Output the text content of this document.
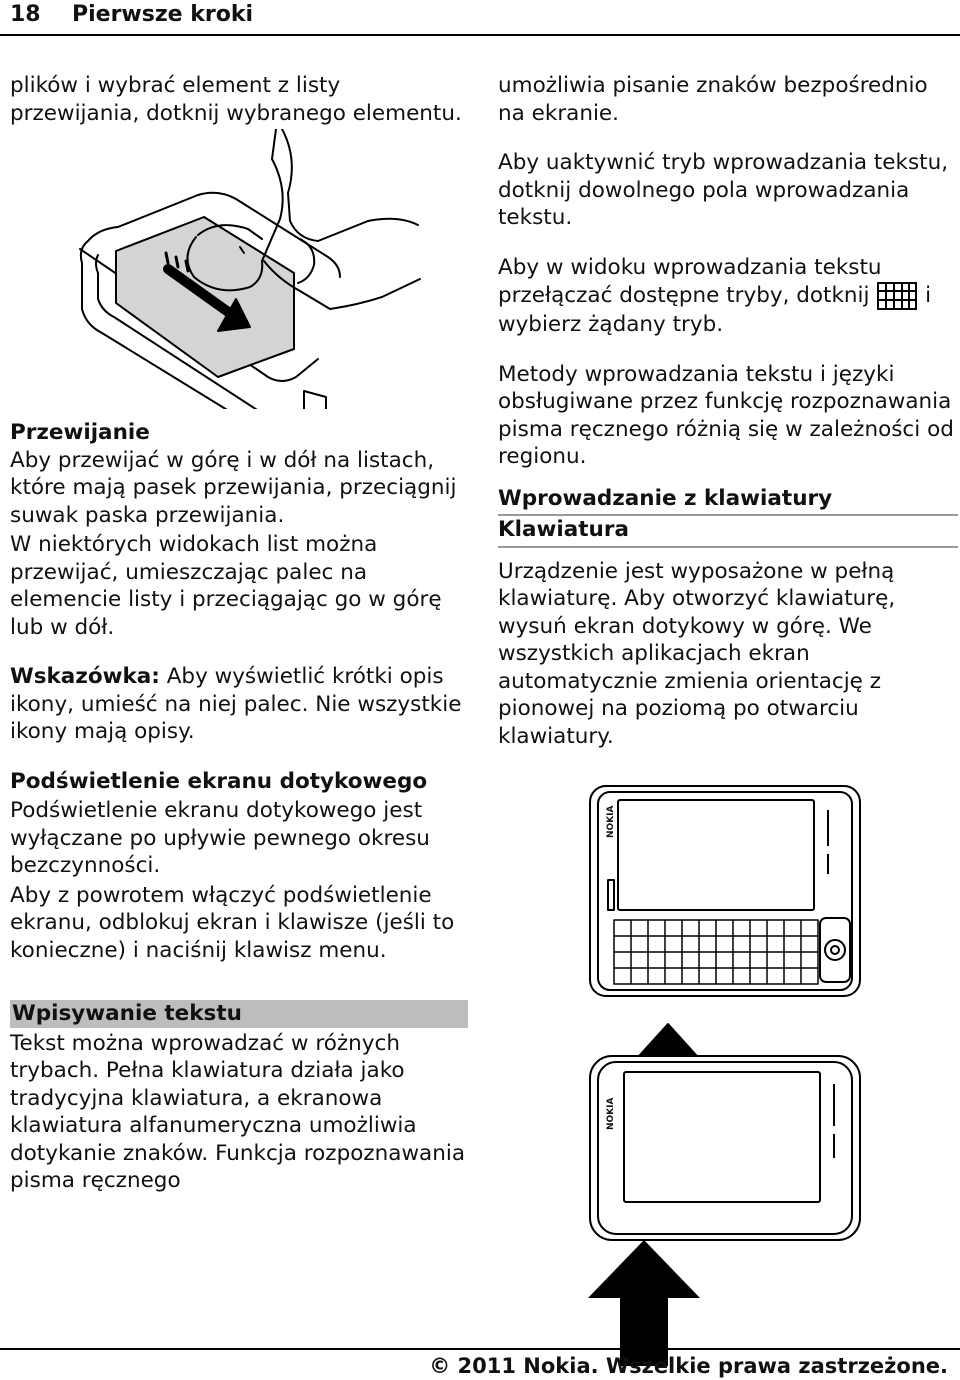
18 Pierwsze kroki

plików i wybrać element z listy przewijania, dotknij wybranego elementu.

Przewijanie

Aby przewijać w górę i w dół na listach, które mają pasek przewijania, przeciągnij suwak paska przewijania.

W niektórych widokach list można przewijać, umieszczając palec na elemencie listy i przeciągając go w górę lub w dół.

Wskazówka: Aby wyświetlić krótki opis ikony, umieść na niej palec. Nie wszystkie ikony mają opisy.

Podświetlenie ekranu dotykowego

Podświetlenie ekranu dotykowego jest wyłączane po upływie pewnego okresu bezczynności.

Aby z powrotem włączyć podświetlenie ekranu, odblokuj ekran i klawisze (jeśli to konieczne) i naciśnij klawisz menu.

Wpisywanie tekstu

Tekst można wprowadzać w różnych trybach. Pełna klawiatura działa jako tradycyjna klawiatura, a ekranowa klawiatura alfanumeryczna umożliwia dotykanie znaków. Funkcja rozpoznawania pisma ręcznego

umożliwia pisanie znaków bezpośrednio na ekranie.

Aby uaktywnić tryb wprowadzania tekstu, dotknij dowolnego pola wprowadzania tekstu.

Aby w widoku wprowadzania tekstu przełączać dostępne tryby, dotknij  i wybierz żądany tryb.

Metody wprowadzania tekstu i języki obsługiwane przez funkcję rozpoznawania pisma ręcznego różnią się w zależności od regionu.

Wprowadzanie z klawiatury

Klawiatura

Urządzenie jest wyposażone w pełną klawiaturę. Aby otworzyć klawiaturę, wysuń ekran dotykowy w górę. We wszystkich aplikacjach ekran automatycznie zmienia orientację z pionowej na poziomą po otwarciu klawiatury.

NOKIA
NOKIA
© 2011 Nokia. Wszelkie prawa zastrzeżone.
